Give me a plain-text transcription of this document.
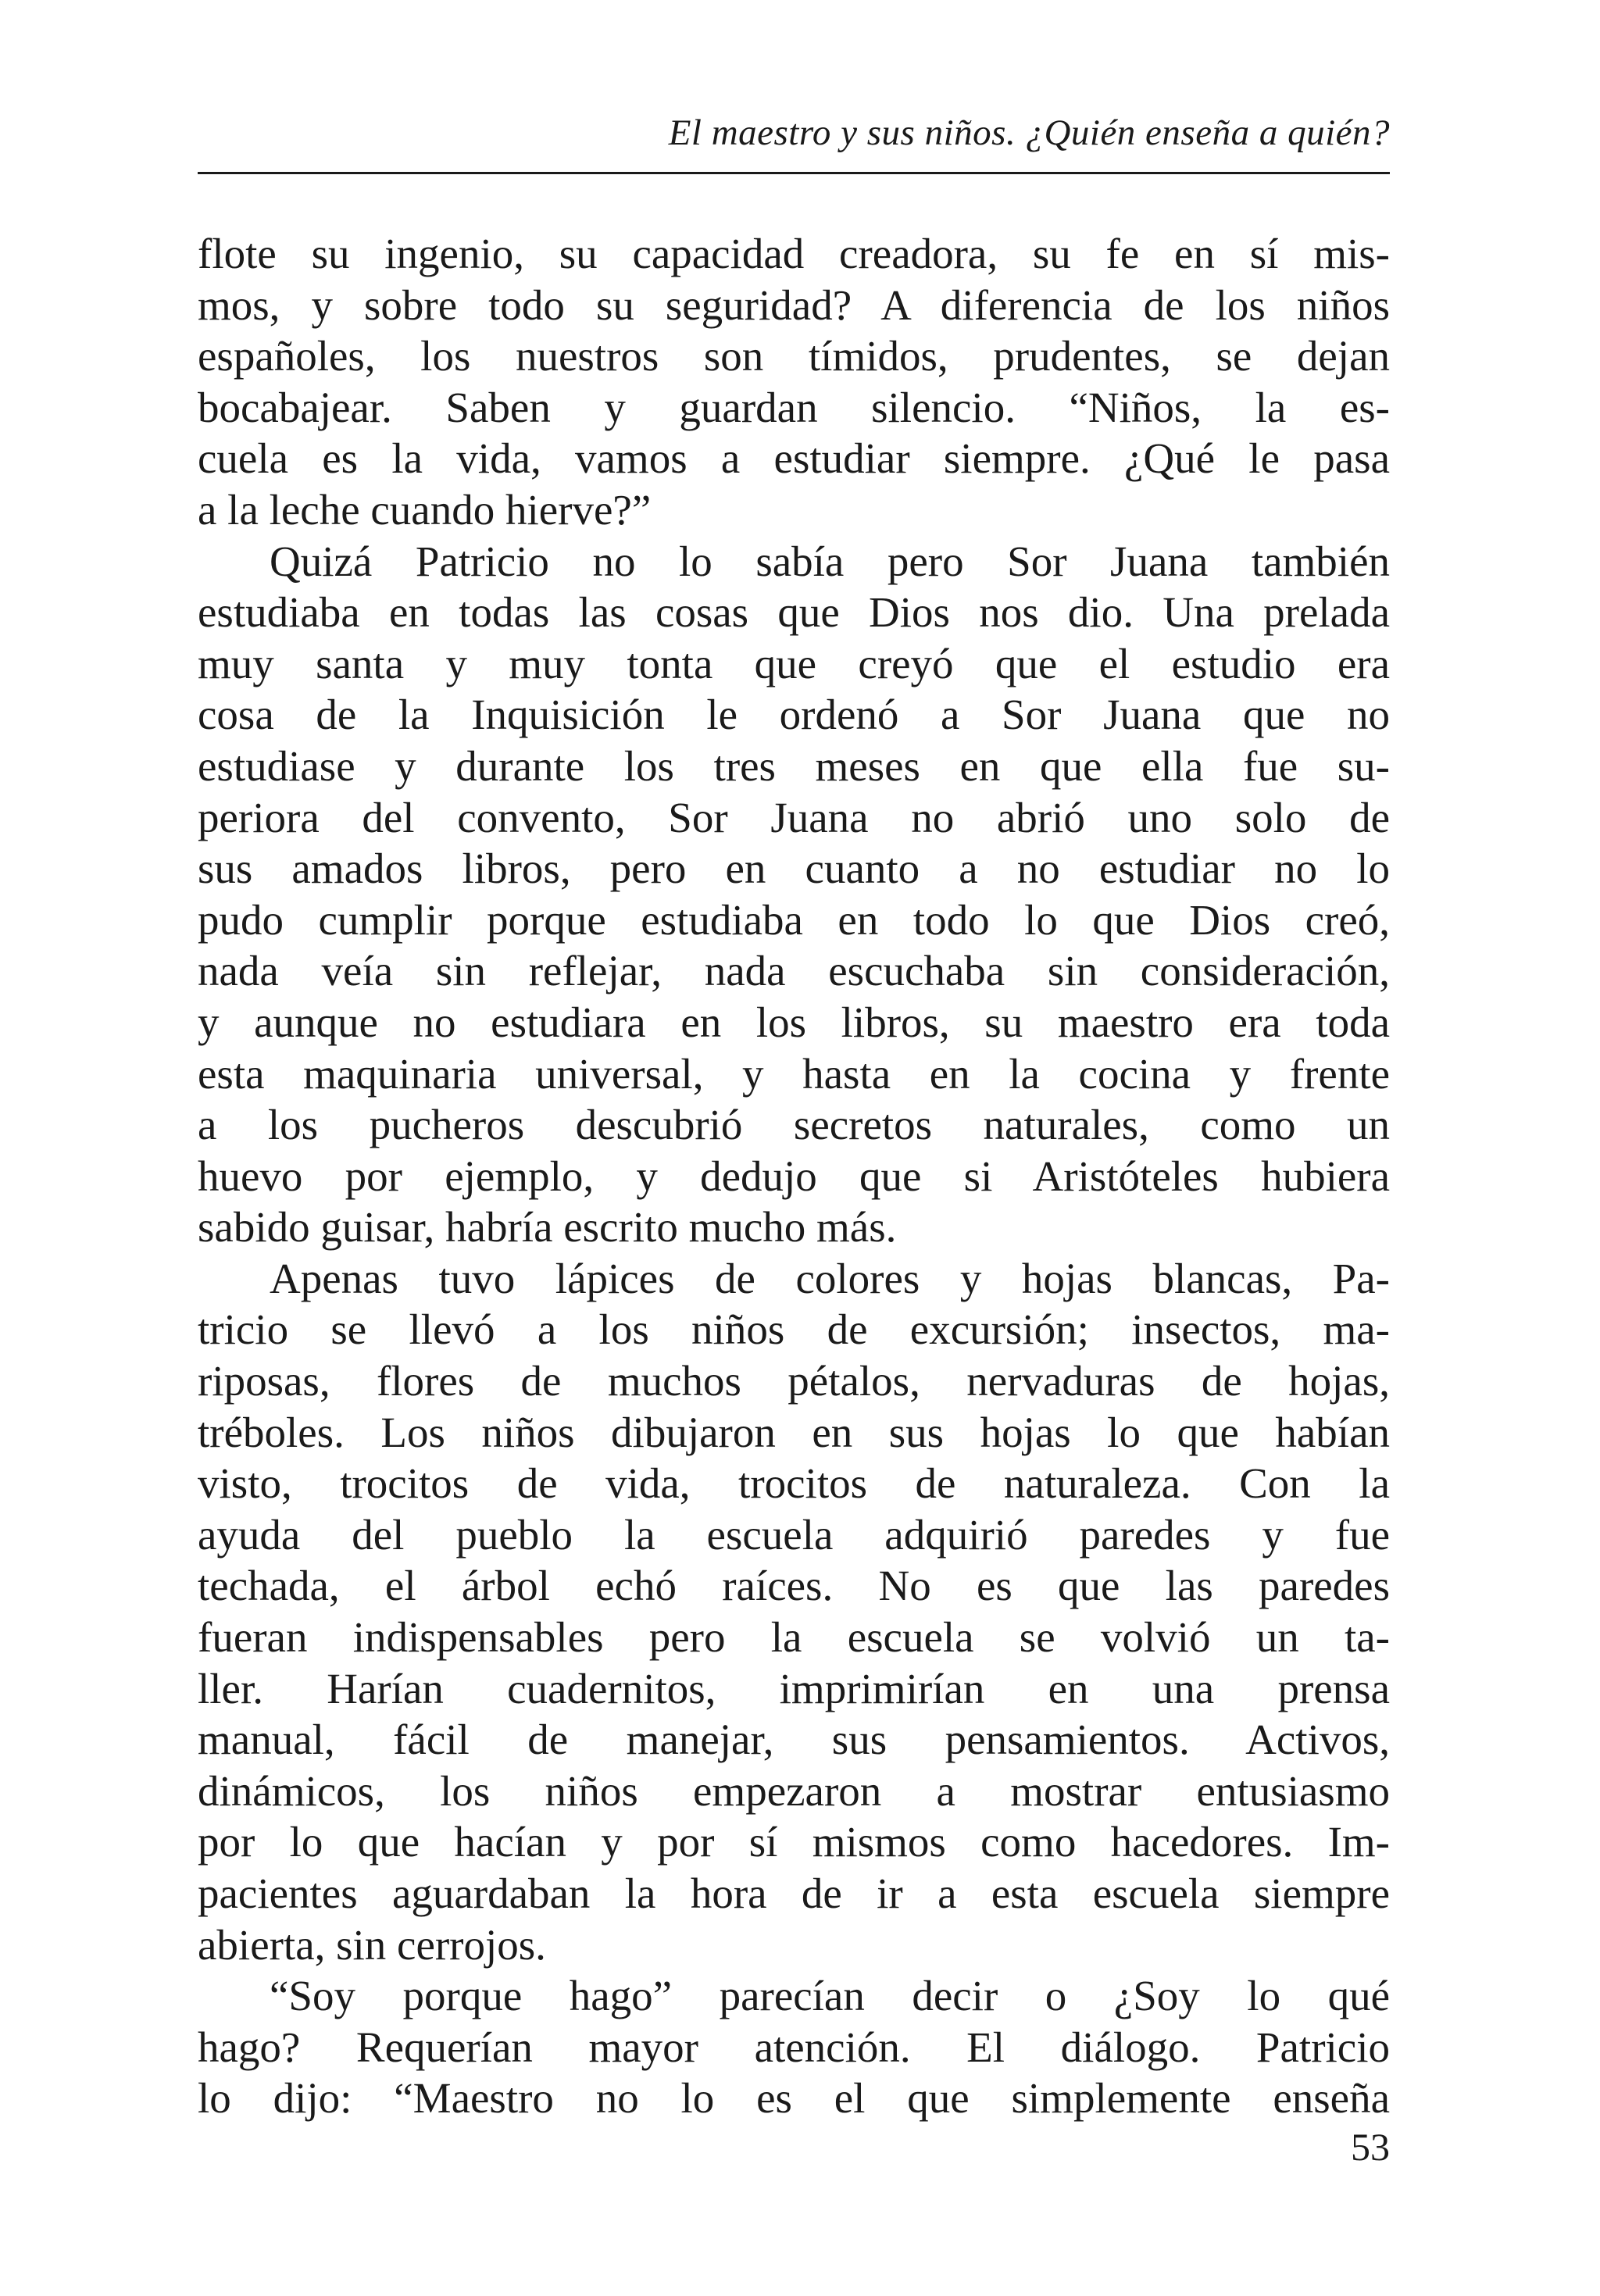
El maestro y sus niños. ¿Quién enseña a quién?
flote su ingenio, su capacidad creadora, su fe en sí mis-
mos, y sobre todo su seguridad? A diferencia de los niños
españoles, los nuestros son tímidos, prudentes, se dejan
bocabajear. Saben y guardan silencio. “Niños, la es-
cuela es la vida, vamos a estudiar siempre. ¿Qué le pasa
a la leche cuando hierve?”
Quizá Patricio no lo sabía pero Sor Juana también
estudiaba en todas las cosas que Dios nos dio. Una prelada
muy santa y muy tonta que creyó que el estudio era
cosa de la Inquisición le ordenó a Sor Juana que no
estudiase y durante los tres meses en que ella fue su-
periora del convento, Sor Juana no abrió uno solo de
sus amados libros, pero en cuanto a no estudiar no lo
pudo cumplir porque estudiaba en todo lo que Dios creó,
nada veía sin reflejar, nada escuchaba sin consideración,
y aunque no estudiara en los libros, su maestro era toda
esta maquinaria universal, y hasta en la cocina y frente
a los pucheros descubrió secretos naturales, como un
huevo por ejemplo, y dedujo que si Aristóteles hubiera
sabido guisar, habría escrito mucho más.
Apenas tuvo lápices de colores y hojas blancas, Pa-
tricio se llevó a los niños de excursión; insectos, ma-
riposas, flores de muchos pétalos, nervaduras de hojas,
tréboles. Los niños dibujaron en sus hojas lo que habían
visto, trocitos de vida, trocitos de naturaleza. Con la
ayuda del pueblo la escuela adquirió paredes y fue
techada, el árbol echó raíces. No es que las paredes
fueran indispensables pero la escuela se volvió un ta-
ller. Harían cuadernitos, imprimirían en una prensa
manual, fácil de manejar, sus pensamientos. Activos,
dinámicos, los niños empezaron a mostrar entusiasmo
por lo que hacían y por sí mismos como hacedores. Im-
pacientes aguardaban la hora de ir a esta escuela siempre
abierta, sin cerrojos.
“Soy porque hago” parecían decir o ¿Soy lo qué
hago? Requerían mayor atención. El diálogo. Patricio
lo dijo: “Maestro no lo es el que simplemente enseña
53
